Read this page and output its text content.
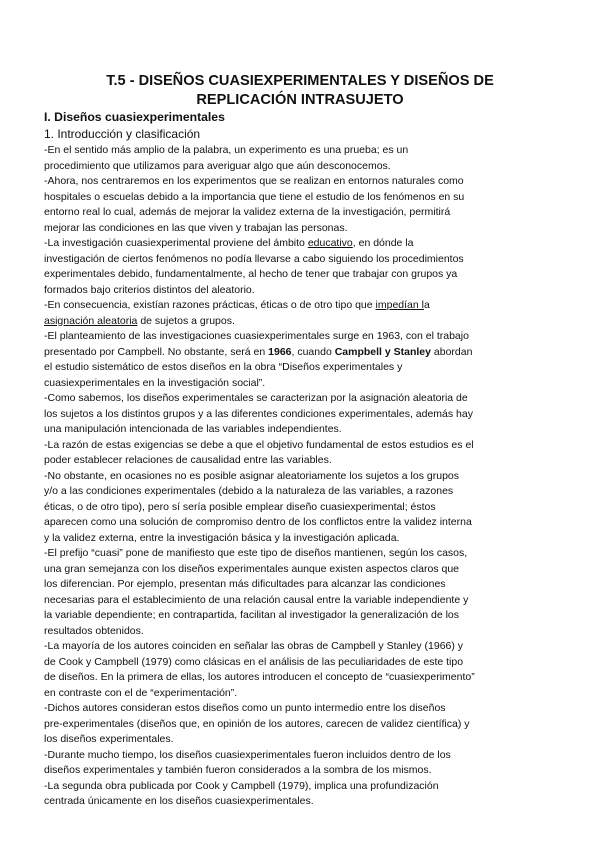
T.5 - DISEÑOS CUASIEXPERIMENTALES Y DISEÑOS DE
REPLICACIÓN INTRASUJETO
I. Diseños cuasiexperimentales
1. Introducción y clasificación
-En el sentido más amplio de la palabra, un experimento es una prueba; es un
procedimiento que utilizamos para averiguar algo que aún desconocemos.
-Ahora, nos centraremos en los experimentos que se realizan en entornos naturales como
hospitales o escuelas debido a la importancia que tiene el estudio de los fenómenos en su
entorno real lo cual, además de mejorar la validez externa de la investigación, permitirá
mejorar las condiciones en las que viven y trabajan las personas.
-La investigación cuasiexperimental proviene del ámbito educativo, en dónde la
investigación de ciertos fenómenos no podía llevarse a cabo siguiendo los procedimientos
experimentales debido, fundamentalmente, al hecho de tener que trabajar con grupos ya
formados bajo criterios distintos del aleatorio.
-En consecuencia, existían razones prácticas, éticas o de otro tipo que impedían la
asignación aleatoria de sujetos a grupos.
-El planteamiento de las investigaciones cuasiexperimentales surge en 1963, con el trabajo
presentado por Campbell. No obstante, será en 1966, cuando Campbell y Stanley abordan
el estudio sistemático de estos diseños en la obra “Diseños experimentales y
cuasiexperimentales en la investigación social”.
-Como sabemos, los diseños experimentales se caracterizan por la asignación aleatoria de
los sujetos a los distintos grupos y a las diferentes condiciones experimentales, además hay
una manipulación intencionada de las variables independientes.
-La razón de estas exigencias se debe a que el objetivo fundamental de estos estudios es el
poder establecer relaciones de causalidad entre las variables.
-No obstante, en ocasiones no es posible asignar aleatoriamente los sujetos a los grupos
y/o a las condiciones experimentales (debido a la naturaleza de las variables, a razones
éticas, o de otro tipo), pero sí sería posible emplear diseño cuasiexperimental; éstos
aparecen como una solución de compromiso dentro de los conflictos entre la validez interna
y la validez externa, entre la investigación básica y la investigación aplicada.
-El prefijo “cuasi” pone de manifiesto que este tipo de diseños mantienen, según los casos,
una gran semejanza con los diseños experimentales aunque existen aspectos claros que
los diferencian. Por ejemplo, presentan más dificultades para alcanzar las condiciones
necesarias para el establecimiento de una relación causal entre la variable independiente y
la variable dependiente; en contrapartida, facilitan al investigador la generalización de los
resultados obtenidos.
-La mayoría de los autores coinciden en señalar las obras de Campbell y Stanley (1966) y
de Cook y Campbell (1979) como clásicas en el análisis de las peculiaridades de este tipo
de diseños. En la primera de ellas, los autores introducen el concepto de “cuasiexperimento”
en contraste con el de “experimentación”.
-Dichos autores consideran estos diseños como un punto intermedio entre los diseños
pre-experimentales (diseños que, en opinión de los autores, carecen de validez científica) y
los diseños experimentales.
-Durante mucho tiempo, los diseños cuasiexperimentales fueron incluidos dentro de los
diseños experimentales y también fueron considerados a la sombra de los mismos.
-La segunda obra publicada por Cook y Campbell (1979), implica una profundización
centrada únicamente en los diseños cuasiexperimentales.
